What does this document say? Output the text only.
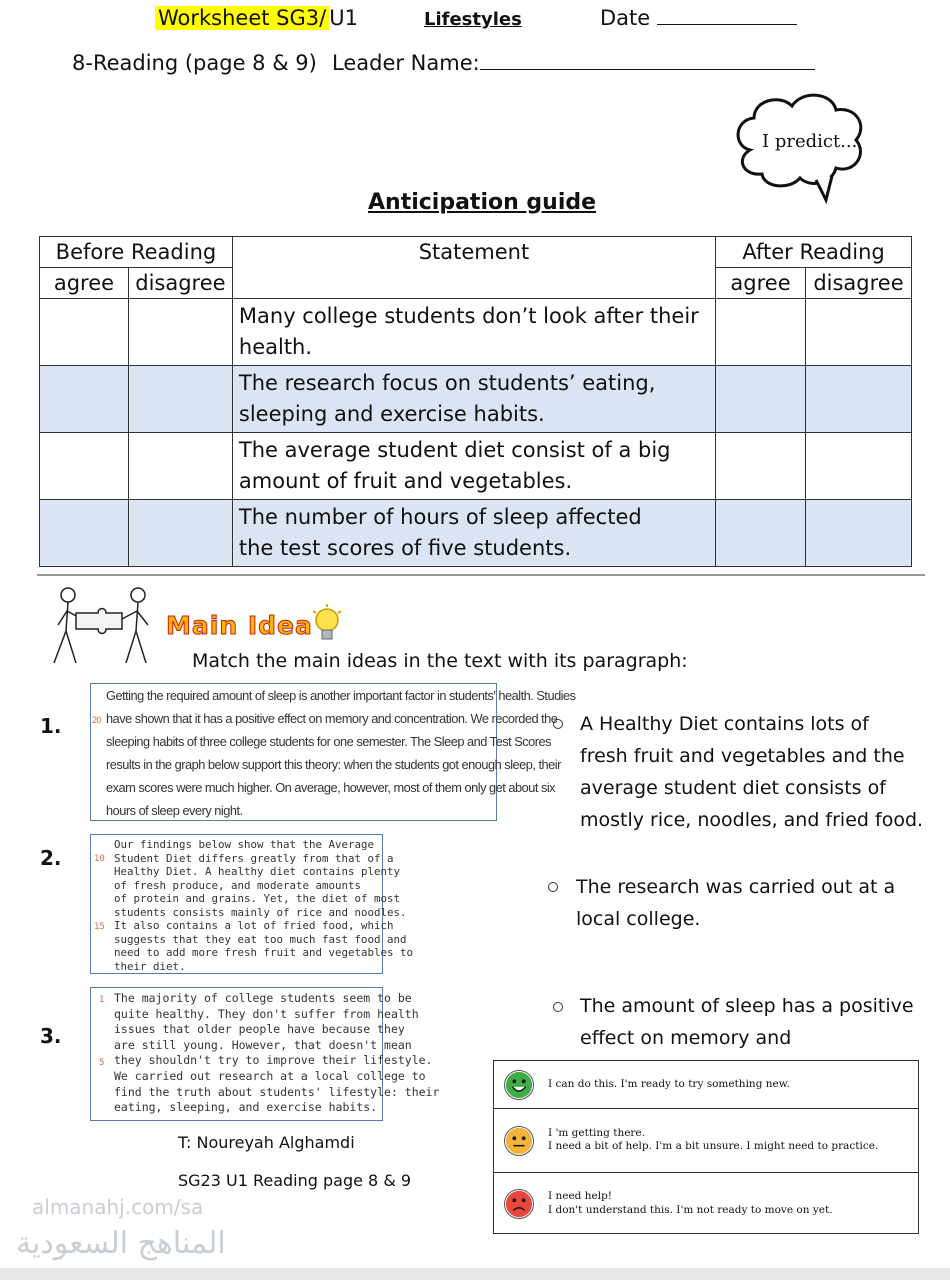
Worksheet SG3/ U1	Lifestyles	Date
8-Reading (page 8 & 9) Leader Name:
I predict...
Anticipation guide
Before Reading		Statement	After Reading	
agree	disagree		agree	disagree
		Many college students don’t look after their
health.		
		The research focus on students’ eating,
sleeping and exercise habits.		
		The average student diet consist of a big
amount of fruit and vegetables.		
		The number of hours of sleep affected
the test scores of five students.		
Main Idea
Match the main ideas in the text with its paragraph:
1.	20
Getting the required amount of sleep is another important factor in students' health. Studies
have shown that it has a positive effect on memory and concentration. We recorded the
sleeping habits of three college students for one semester. The Sleep and Test Scores
results in the graph below support this theory: when the students got enough sleep, their
exam scores were much higher. On average, however, most of them only get about six
hours of sleep every night.
2.	10
15
Our findings below show that the Average
Student Diet differs greatly from that of a
Healthy Diet. A healthy diet contains plenty
of fresh produce, and moderate amounts
of protein and grains. Yet, the diet of most
students consists mainly of rice and noodles.
It also contains a lot of fried food, which
suggests that they eat too much fast food and
need to add more fresh fruit and vegetables to
their diet.
3.
1
5
The majority of college students seem to be
quite healthy. They don't suffer from health
issues that older people have because they
are still young. However, that doesn't mean
they shouldn't try to improve their lifestyle.
We carried out research at a local college to
find the truth about students' lifestyle: their
eating, sleeping, and exercise habits.
A Healthy Diet contains lots of
fresh fruit and vegetables and the
average student diet consists of
mostly rice, noodles, and fried food.
The research was carried out at a
local college.
The amount of sleep has a positive
effect on memory and
T: Noureyah Alghamdi
SG23 U1 Reading page 8 & 9
almanahj.com/sa
المناهج السعودية
I can do this. I'm ready to try something new.
I 'm getting there.
I need a bit of help. I'm a bit unsure. I might need to practice.
I need help!
I don't understand this. I'm not ready to move on yet.
